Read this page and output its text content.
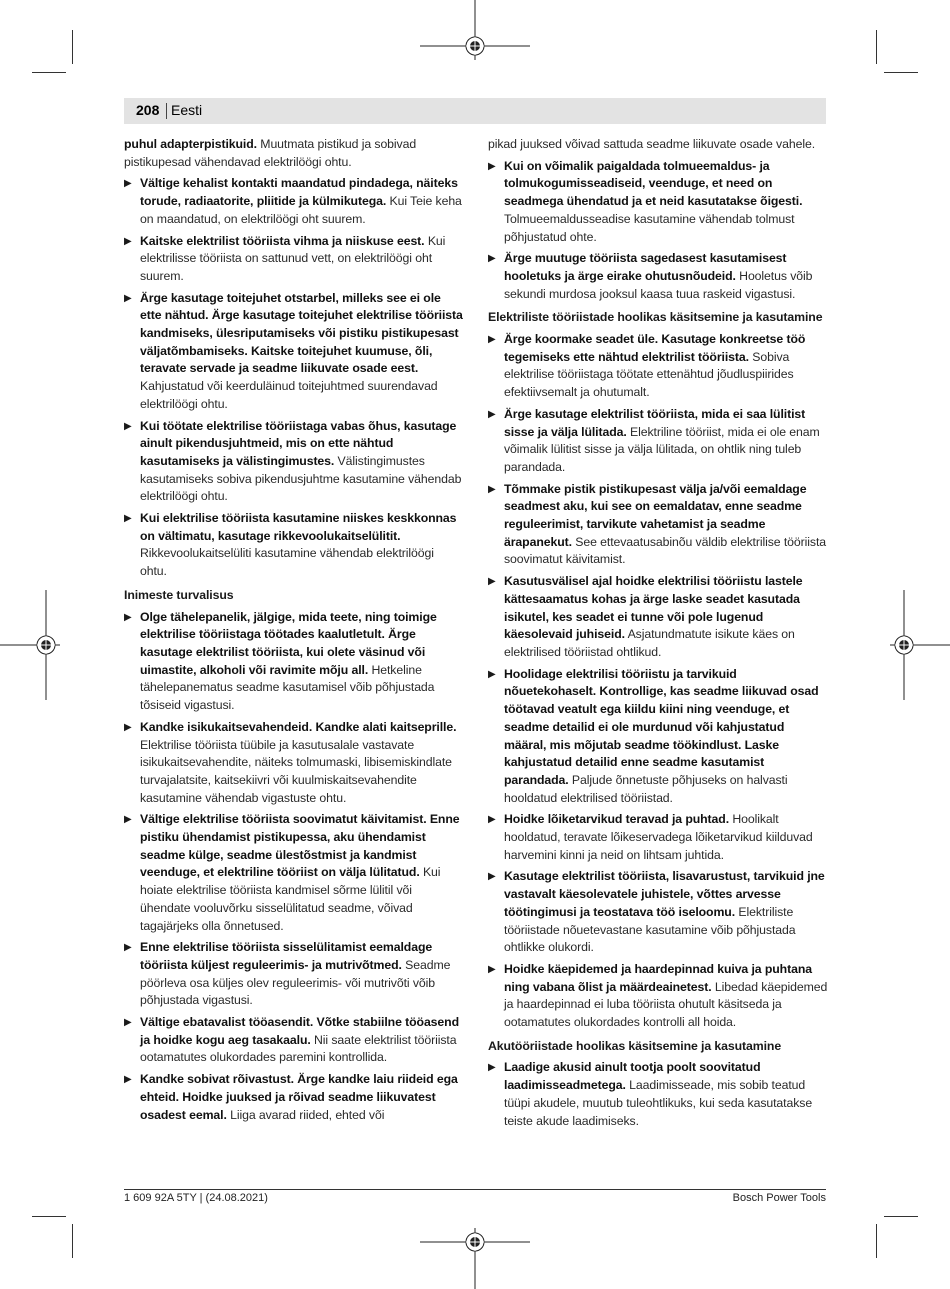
208 Eesti
puhul adapterpistikuid. Muutmata pistikud ja sobivad pistikupesad vähendavad elektrilöögi ohtu.
▶ Vältige kehalist kontakti maandatud pindadega, näiteks torude, radiaatorite, pliitide ja külmikutega. Kui Teie keha on maandatud, on elektrilöögi oht suurem.
▶ Kaitske elektrilist tööriista vihma ja niiskuse eest. Kui elektrilisse tööriista on sattunud vett, on elektrilöögi oht suurem.
▶ Ärge kasutage toitejuhet otstarbel, milleks see ei ole ette nähtud. Ärge kasutage toitejuhet elektrilise tööriista kandmiseks, ülesriputamiseks või pistiku pistikupesast väljatõmbamiseks. Kaitske toitejuhet kuumuse, õli, teravate servade ja seadme liikuvate osade eest. Kahjustatud või keerduläinud toitejuhtmed suurendavad elektrilöögi ohtu.
▶ Kui töötate elektrilise tööriistaga vabas õhus, kasutage ainult pikendusjuhtmeid, mis on ette nähtud kasutamiseks ja välistingimustes. Välistingimustes kasutamiseks sobiva pikendusjuhtme kasutamine vähendab elektrilöögi ohtu.
▶ Kui elektrilise tööriista kasutamine niiskes keskkonnas on vältimatu, kasutage rikkevoolukaitselülitit. Rikkevoolukaitselüliti kasutamine vähendab elektrilöögi ohtu.
Inimeste turvalisus
▶ Olge tähelepanelik, jälgige, mida teete, ning toimige elektrilise tööriistaga töötades kaalutletult. Ärge kasutage elektrilist tööriista, kui olete väsinud või uimastite, alkoholi või ravimite mõju all. Hetkeline tähelepanematus seadme kasutamisel võib põhjustada tõsiseid vigastusi.
▶ Kandke isikukaitsevahendeid. Kandke alati kaitseprille. Elektrilise tööriista tüübile ja kasutusalale vastavate isikukaitsevahendite, näiteks tolmumaski, libisemiskindlate turvajalatsite, kaitsekiivri või kuulmiskaitsevahendite kasutamine vähendab vigastuste ohtu.
▶ Vältige elektrilise tööriista soovimatut käivitamist. Enne pistiku ühendamist pistikupessa, aku ühendamist seadme külge, seadme ülestõstmist ja kandmist veenduge, et elektriline tööriist on välja lülitatud. Kui hoiate elektrilise tööriista kandmisel sõrme lülitil või ühendate vooluvõrku sisselülitatud seadme, võivad tagajärjeks olla õnnetused.
▶ Enne elektrilise tööriista sisselülitamist eemaldage tööriista küljest reguleerimis- ja mutrivõtmed. Seadme pöörleva osa küljes olev reguleerimis- või mutrivõti võib põhjustada vigastusi.
▶ Vältige ebatavalist tööasendit. Võtke stabiilne tööasend ja hoidke kogu aeg tasakaalu. Nii saate elektrilist tööriista ootamatutes olukordades paremini kontrollida.
▶ Kandke sobivat rõivastust. Ärge kandke laiu riideid ega ehteid. Hoidke juuksed ja rõivad seadme liikuvatest osadest eemal. Liiga avarad riided, ehted või
pikad juuksed võivad sattuda seadme liikuvate osade vahele.
▶ Kui on võimalik paigaldada tolmueemaldus- ja tolmukogumisseadiseid, veenduge, et need on seadmega ühendatud ja et neid kasutatakse õigesti. Tolmueemaldusseadise kasutamine vähendab tolmust põhjustatud ohte.
▶ Ärge muutuge tööriista sagedasest kasutamisest hooletuks ja ärge eirake ohutusnõudeid. Hooletus võib sekundi murdosa jooksul kaasa tuua raskeid vigastusi.
Elektriliste tööriistade hoolikas käsitsemine ja kasutamine
▶ Ärge koormake seadet üle. Kasutage konkreetse töö tegemiseks ette nähtud elektrilist tööriista. Sobiva elektrilise tööriistaga töötate ettenähtud jõudluspiirides efektiivsemalt ja ohutumalt.
▶ Ärge kasutage elektrilist tööriista, mida ei saa lülitist sisse ja välja lülitada. Elektriline tööriist, mida ei ole enam võimalik lülitist sisse ja välja lülitada, on ohtlik ning tuleb parandada.
▶ Tõmmake pistik pistikupesast välja ja/või eemaldage seadmest aku, kui see on eemaldatav, enne seadme reguleerimist, tarvikute vahetamist ja seadme ärapanekut. See ettevaatusabinõu väldib elektrilise tööriista soovimatut käivitamist.
▶ Kasutusvälisel ajal hoidke elektrilisi tööriistu lastele kättesaamatus kohas ja ärge laske seadet kasutada isikutel, kes seadet ei tunne või pole lugenud käesolevaid juhiseid. Asjatundmatute isikute käes on elektrilised tööriistad ohtlikud.
▶ Hoolidage elektrilisi tööriistu ja tarvikuid nõuetekohaselt. Kontrollige, kas seadme liikuvad osad töötavad veatult ega kiildu kiini ning veenduge, et seadme detailid ei ole murdunud või kahjustatud määral, mis mõjutab seadme töökindlust. Laske kahjustatud detailid enne seadme kasutamist parandada. Paljude õnnetuste põhjuseks on halvasti hooldatud elektrilised tööriistad.
▶ Hoidke lõiketarvikud teravad ja puhtad. Hoolikalt hooldatud, teravate lõikeservadega lõiketarvikud kiilduvad harvemini kinni ja neid on lihtsam juhtida.
▶ Kasutage elektrilist tööriista, lisavarustust, tarvikuid jne vastavalt käesolevatele juhistele, võttes arvesse töötingimusi ja teostatava töö iseloomu. Elektriliste tööriistade nõuetevastane kasutamine võib põhjustada ohtlikke olukordi.
▶ Hoidke käepidemed ja haardepinnad kuiva ja puhtana ning vabana õlist ja määrdeainetest. Libedad käepidemed ja haardepinnad ei luba tööriista ohutult käsitseda ja ootamatutes olukordades kontrolli all hoida.
Akutööriistade hoolikas käsitsemine ja kasutamine
▶ Laadige akusid ainult tootja poolt soovitatud laadimisseadmetega. Laadimisseade, mis sobib teatud tüüpi akudele, muutub tuleohtlikuks, kui seda kasutatakse teiste akude laadimiseks.
1 609 92A 5TY | (24.08.2021)	Bosch Power Tools
